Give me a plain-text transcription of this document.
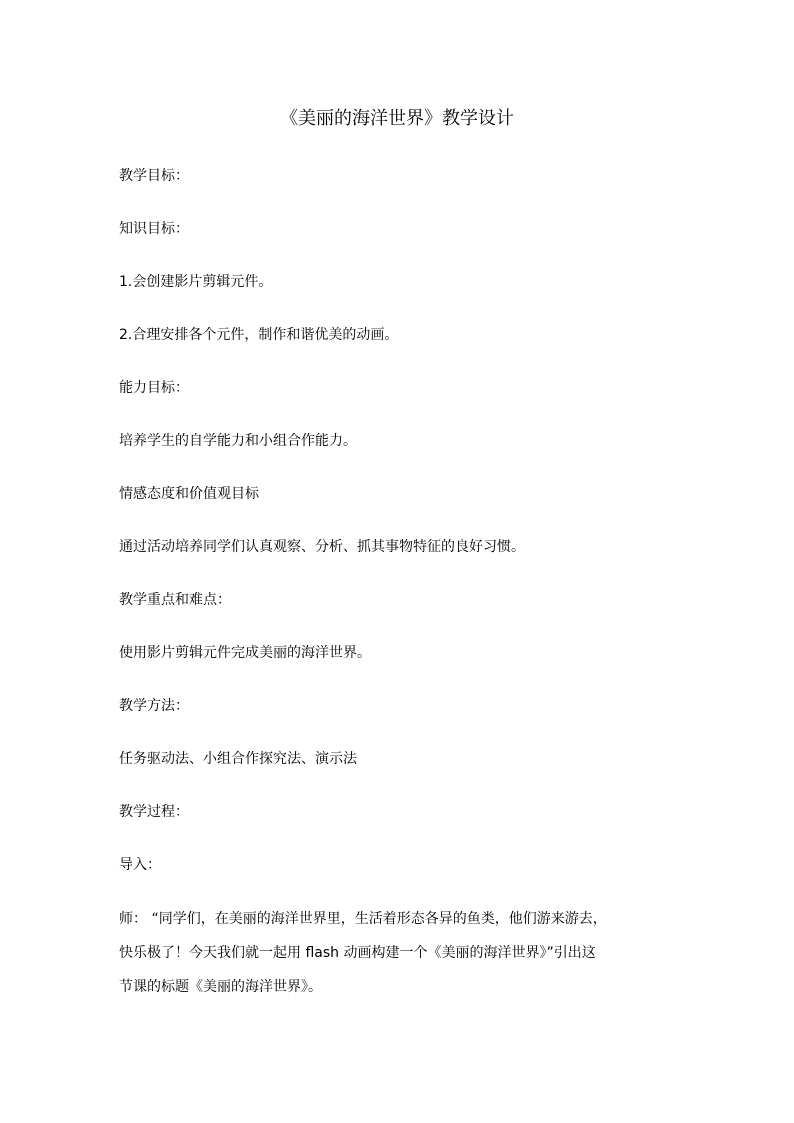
《美丽的海洋世界》教学设计
教学目标：
知识目标：
1.会创建影片剪辑元件。
2.合理安排各个元件，制作和谐优美的动画。
能力目标：
培养学生的自学能力和小组合作能力。
情感态度和价值观目标
通过活动培养同学们认真观察、分析、抓其事物特征的良好习惯。
教学重点和难点：
使用影片剪辑元件完成美丽的海洋世界。
教学方法：
任务驱动法、小组合作探究法、演示法
教学过程：
导入：
师： “同学们，在美丽的海洋世界里，生活着形态各异的鱼类，他们游来游去，
快乐极了！今天我们就一起用 flash 动画构建一个《美丽的海洋世界》”引出这
节课的标题《美丽的海洋世界》。
